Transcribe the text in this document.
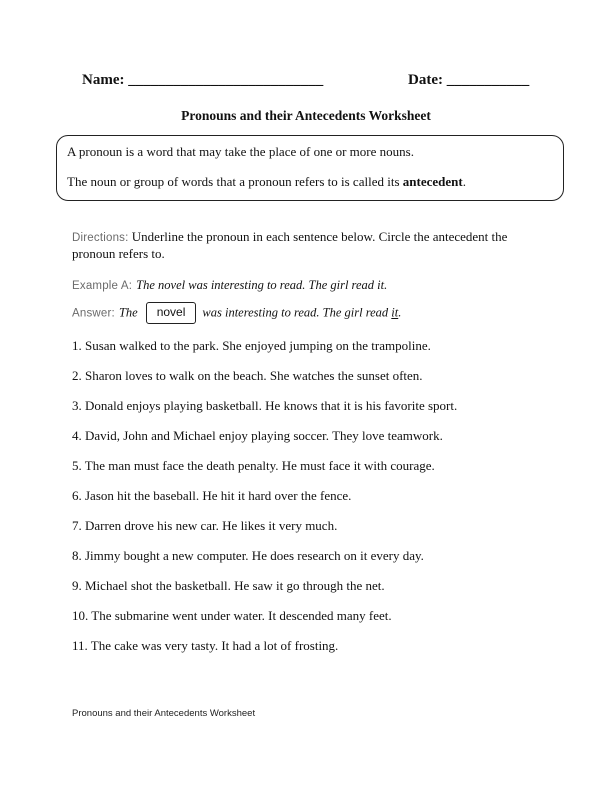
Name: __________________________	Date: ___________
Pronouns and their Antecedents Worksheet
A pronoun is a word that may take the place of one or more nouns.
The noun or group of words that a pronoun refers to is called its antecedent.
Directions: Underline the pronoun in each sentence below. Circle the antecedent the pronoun refers to.
Example A: The novel was interesting to read. The girl read it.
Answer: The novel was interesting to read. The girl read it.
1. Susan walked to the park. She enjoyed jumping on the trampoline.
2. Sharon loves to walk on the beach. She watches the sunset often.
3. Donald enjoys playing basketball. He knows that it is his favorite sport.
4. David, John and Michael enjoy playing soccer. They love teamwork.
5. The man must face the death penalty. He must face it with courage.
6. Jason hit the baseball. He hit it hard over the fence.
7. Darren drove his new car. He likes it very much.
8. Jimmy bought a new computer. He does research on it every day.
9. Michael shot the basketball. He saw it go through the net.
10. The submarine went under water. It descended many feet.
11. The cake was very tasty. It had a lot of frosting.
Pronouns and their Antecedents Worksheet
